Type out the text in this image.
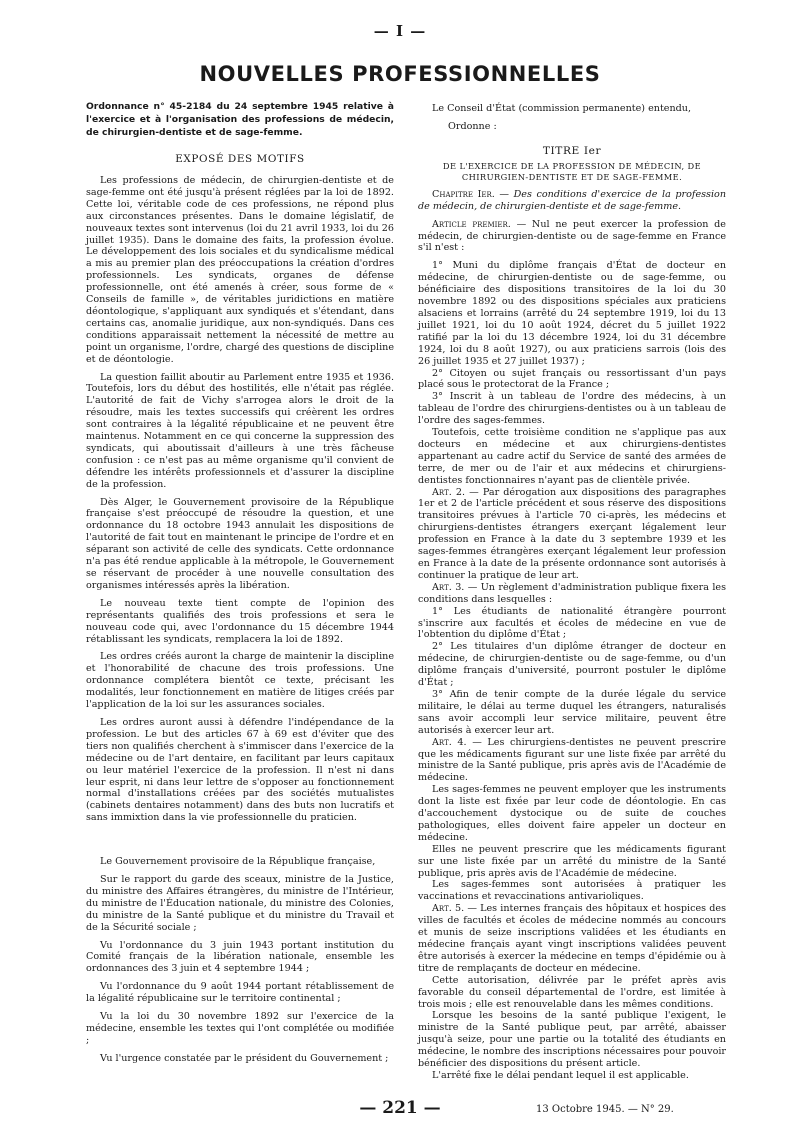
— I —
NOUVELLES PROFESSIONNELLES
Ordonnance n° 45-2184 du 24 septembre 1945 relative à l'exercice et à l'organisation des professions de médecin, de chirurgien-dentiste et de sage-femme.
EXPOSÉ DES MOTIFS

Les professions de médecin, de chirurgien-dentiste et de sage-femme ont été jusqu'à présent réglées par la loi de 1892. Cette loi, véritable code de ces professions, ne répond plus aux circonstances présentes. Dans le domaine législatif, de nouveaux textes sont intervenus (loi du 21 avril 1933, loi du 26 juillet 1935). Dans le domaine des faits, la profession évolue. Le développement des lois sociales et du syndicalisme médical a mis au premier plan des préoccupations la création d'ordres professionnels. Les syndicats, organes de défense professionnelle, ont été amenés à créer, sous forme de « Conseils de famille », de véritables juridictions en matière déontologique, s'appliquant aux syndiqués et s'étendant, dans certains cas, anomalie juridique, aux non-syndiqués. Dans ces conditions apparaissait nettement la nécessité de mettre au point un organisme, l'ordre, chargé des questions de discipline et de déontologie.

La question faillit aboutir au Parlement entre 1935 et 1936. Toutefois, lors du début des hostilités, elle n'était pas réglée. L'autorité de fait de Vichy s'arrogea alors le droit de la résoudre, mais les textes successifs qui créèrent les ordres sont contraires à la légalité républicaine et ne peuvent être maintenus. Notamment en ce qui concerne la suppression des syndicats, qui aboutissait d'ailleurs à une très fâcheuse confusion : ce n'est pas au même organisme qu'il convient de défendre les intérêts professionnels et d'assurer la discipline de la profession.

Dès Alger, le Gouvernement provisoire de la République française s'est préoccupé de résoudre la question, et une ordonnance du 18 octobre 1943 annulait les dispositions de l'autorité de fait tout en maintenant le principe de l'ordre et en séparant son activité de celle des syndicats. Cette ordonnance n'a pas été rendue applicable à la métropole, le Gouvernement se réservant de procéder à une nouvelle consultation des organismes intéressés après la libération.

Le nouveau texte tient compte de l'opinion des représentants qualifiés des trois professions et sera le nouveau code qui, avec l'ordonnance du 15 décembre 1944 rétablissant les syndicats, remplacera la loi de 1892.

Les ordres créés auront la charge de maintenir la discipline et l'honorabilité de chacune des trois professions. Une ordonnance complétera bientôt ce texte, précisant les modalités, leur fonctionnement en matière de litiges créés par l'application de la loi sur les assurances sociales.

Les ordres auront aussi à défendre l'indépendance de la profession. Le but des articles 67 à 69 est d'éviter que des tiers non qualifiés cherchent à s'immiscer dans l'exercice de la médecine ou de l'art dentaire, en facilitant par leurs capitaux ou leur matériel l'exercice de la profession. Il n'est ni dans leur esprit, ni dans leur lettre de s'opposer au fonctionnement normal d'installations créées par des sociétés mutualistes (cabinets dentaires notamment) dans des buts non lucratifs et sans immixtion dans la vie professionnelle du praticien.

Le Gouvernement provisoire de la République française,

Sur le rapport du garde des sceaux, ministre de la Justice, du ministre des Affaires étrangères, du ministre de l'Intérieur, du ministre de l'Éducation nationale, du ministre des Colonies, du ministre de la Santé publique et du ministre du Travail et de la Sécurité sociale ;

Vu l'ordonnance du 3 juin 1943 portant institution du Comité français de la libération nationale, ensemble les ordonnances des 3 juin et 4 septembre 1944 ;

Vu l'ordonnance du 9 août 1944 portant rétablissement de la légalité républicaine sur le territoire continental ;

Vu la loi du 30 novembre 1892 sur l'exercice de la médecine, ensemble les textes qui l'ont complétée ou modifiée ;

Vu l'urgence constatée par le président du Gouvernement ;

Le Conseil d'État (commission permanente) entendu,

Ordonne :

TITRE Ier
DE L'EXERCICE DE LA PROFESSION DE MÉDECIN, DE CHIRURGIEN-DENTISTE ET DE SAGE-FEMME.

Chapitre Ier. — Des conditions d'exercice de la profession de médecin, de chirurgien-dentiste et de sage-femme.

Article premier. — Nul ne peut exercer la profession de médecin, de chirurgien-dentiste ou de sage-femme en France s'il n'est :

1° Muni du diplôme français d'État de docteur en médecine, de chirurgien-dentiste ou de sage-femme, ou bénéficiaire des dispositions transitoires de la loi du 30 novembre 1892 ou des dispositions spéciales aux praticiens alsaciens et lorrains (arrêté du 24 septembre 1919, loi du 13 juillet 1921, loi du 10 août 1924, décret du 5 juillet 1922 ratifié par la loi du 13 décembre 1924, loi du 31 décembre 1924, loi du 8 août 1927), ou aux praticiens sarrois (lois des 26 juillet 1935 et 27 juillet 1937) ;

2° Citoyen ou sujet français ou ressortissant d'un pays placé sous le protectorat de la France ;

3° Inscrit à un tableau de l'ordre des médecins, à un tableau de l'ordre des chirurgiens-dentistes ou à un tableau de l'ordre des sages-femmes.

Toutefois, cette troisième condition ne s'applique pas aux docteurs en médecine et aux chirurgiens-dentistes appartenant au cadre actif du Service de santé des armées de terre, de mer ou de l'air et aux médecins et chirurgiens-dentistes fonctionnaires n'ayant pas de clientèle privée.

Art. 2. — Par dérogation aux dispositions des paragraphes 1er et 2 de l'article précédent et sous réserve des dispositions transitoires prévues à l'article 70 ci-après, les médecins et chirurgiens-dentistes étrangers exerçant légalement leur profession en France à la date du 3 septembre 1939 et les sages-femmes étrangères exerçant légalement leur profession en France à la date de la présente ordonnance sont autorisés à continuer la pratique de leur art.

Art. 3. — Un règlement d'administration publique fixera les conditions dans lesquelles :

1° Les étudiants de nationalité étrangère pourront s'inscrire aux facultés et écoles de médecine en vue de l'obtention du diplôme d'État ;

2° Les titulaires d'un diplôme étranger de docteur en médecine, de chirurgien-dentiste ou de sage-femme, ou d'un diplôme français d'université, pourront postuler le diplôme d'État ;

3° Afin de tenir compte de la durée légale du service militaire, le délai au terme duquel les étrangers, naturalisés sans avoir accompli leur service militaire, peuvent être autorisés à exercer leur art.

Art. 4. — Les chirurgiens-dentistes ne peuvent prescrire que les médicaments figurant sur une liste fixée par arrêté du ministre de la Santé publique, pris après avis de l'Académie de médecine.

Les sages-femmes ne peuvent employer que les instruments dont la liste est fixée par leur code de déontologie. En cas d'accouchement dystocique ou de suite de couches pathologiques, elles doivent faire appeler un docteur en médecine.

Elles ne peuvent prescrire que les médicaments figurant sur une liste fixée par un arrêté du ministre de la Santé publique, pris après avis de l'Académie de médecine.

Les sages-femmes sont autorisées à pratiquer les vaccinations et revaccinations antivarioliques.

Art. 5. — Les internes français des hôpitaux et hospices des villes de facultés et écoles de médecine nommés au concours et munis de seize inscriptions validées et les étudiants en médecine français ayant vingt inscriptions validées peuvent être autorisés à exercer la médecine en temps d'épidémie ou à titre de remplaçants de docteur en médecine.

Cette autorisation, délivrée par le préfet après avis favorable du conseil départemental de l'ordre, est limitée à trois mois ; elle est renouvelable dans les mêmes conditions.

Lorsque les besoins de la santé publique l'exigent, le ministre de la Santé publique peut, par arrêté, abaisser jusqu'à seize, pour une partie ou la totalité des étudiants en médecine, le nombre des inscriptions nécessaires pour pouvoir bénéficier des dispositions du présent article.

L'arrêté fixe le délai pendant lequel il est applicable.

— 221 —	13 Octobre 1945. — N° 29.
